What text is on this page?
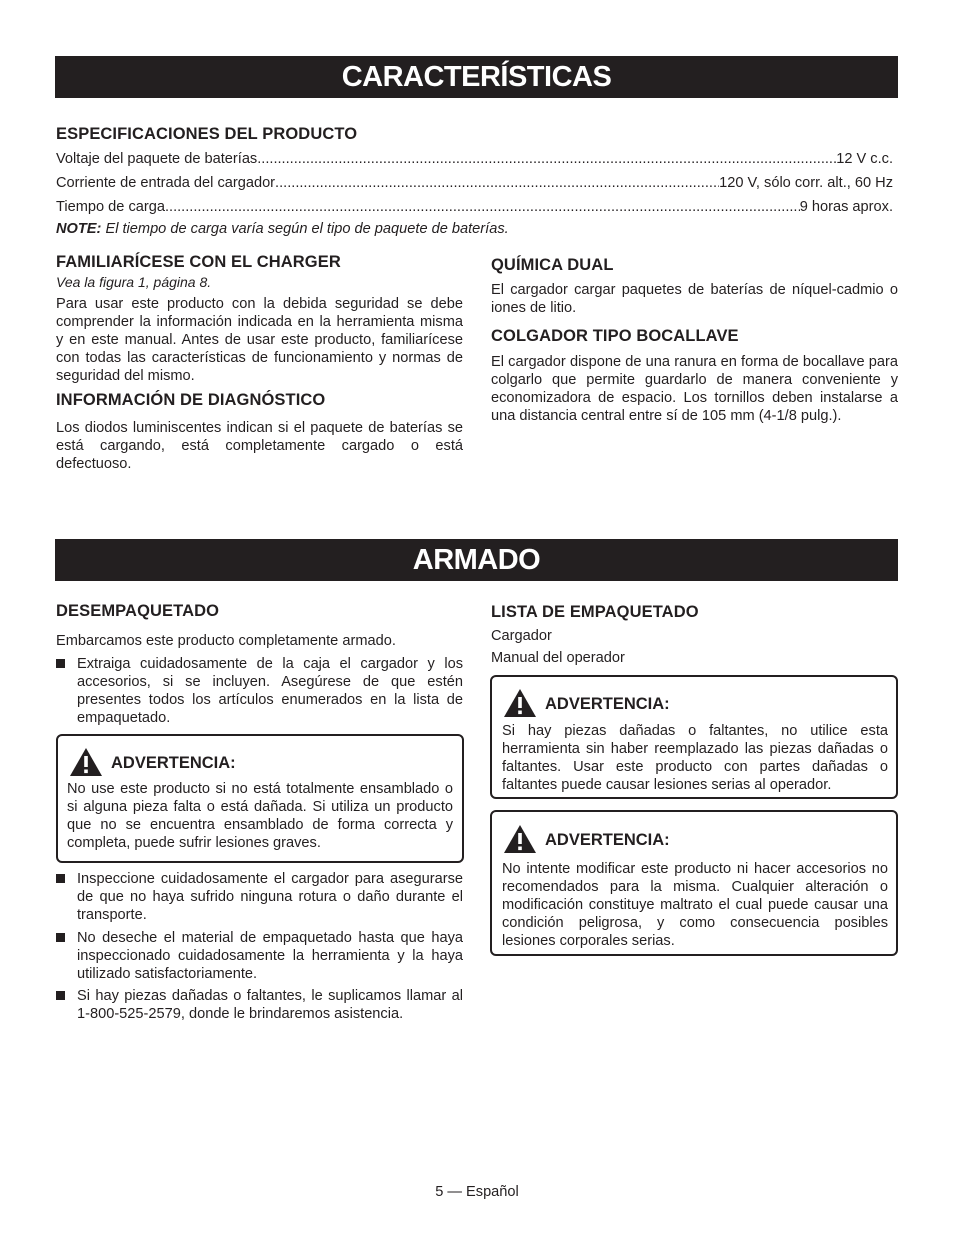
CARACTERÍSTICAS
ESPECIFICACIONES DEL PRODUCTO
Voltaje del paquete de baterías .....	12 V c.c.
Corriente de entrada del cargador .....	120 V, sólo corr. alt., 60 Hz
Tiempo de carga .....	9 horas aprox.
NOTE: El tiempo de carga varía según el tipo de paquete de baterías.
FAMILIARÍCESE CON EL CHARGER
Vea la figura 1, página 8.
Para usar este producto con la debida seguridad se debe comprender la información indicada en la herramienta misma y en este manual. Antes de usar este producto, familiarícese con todas las características de funcionamiento y normas de seguridad del mismo.
INFORMACIÓN DE DIAGNÓSTICO
Los diodos luminiscentes indican si el paquete de baterías se está cargando, está completamente cargado o está defectuoso.
QUÍMICA DUAL
El cargador cargar paquetes de baterías de níquel-cadmio o iones de litio.
COLGADOR TIPO BOCALLAVE
El cargador dispone de una ranura en forma de bocallave para colgarlo que permite guardarlo de manera conveniente y economizadora de espacio. Los tornillos deben instalarse a una distancia central entre sí de 105 mm (4-1/8 pulg.).
ARMADO
DESEMPAQUETADO
Embarcamos este producto completamente armado.
Extraiga cuidadosamente de la caja el cargador y los accesorios, si se incluyen. Asegúrese de que estén presentes todos los artículos enumerados en la lista de empaquetado.
ADVERTENCIA:
No use este producto si no está totalmente ensamblado o si alguna pieza falta o está dañada. Si utiliza un producto que no se encuentra ensamblado de forma correcta y completa, puede sufrir lesiones graves.
Inspeccione cuidadosamente el cargador para asegurarse de que no haya sufrido ninguna rotura o daño durante el transporte.
No deseche el material de empaquetado hasta que haya inspeccionado cuidadosamente la herramienta y la haya utilizado satisfactoriamente.
Si hay piezas dañadas o faltantes, le suplicamos llamar al 1-800-525-2579, donde le brindaremos asistencia.
LISTA DE EMPAQUETADO
Cargador
Manual del operador
ADVERTENCIA:
Si hay piezas dañadas o faltantes, no utilice esta herramienta sin haber reemplazado las piezas dañadas o faltantes. Usar este producto con partes dañadas o faltantes puede causar lesiones serias al operador.
ADVERTENCIA:
No intente modificar este producto ni hacer accesorios no recomendados para la misma. Cualquier alteración o modificación constituye maltrato el cual puede causar una condición peligrosa, y como consecuencia posibles lesiones corporales serias.
5 — Español
